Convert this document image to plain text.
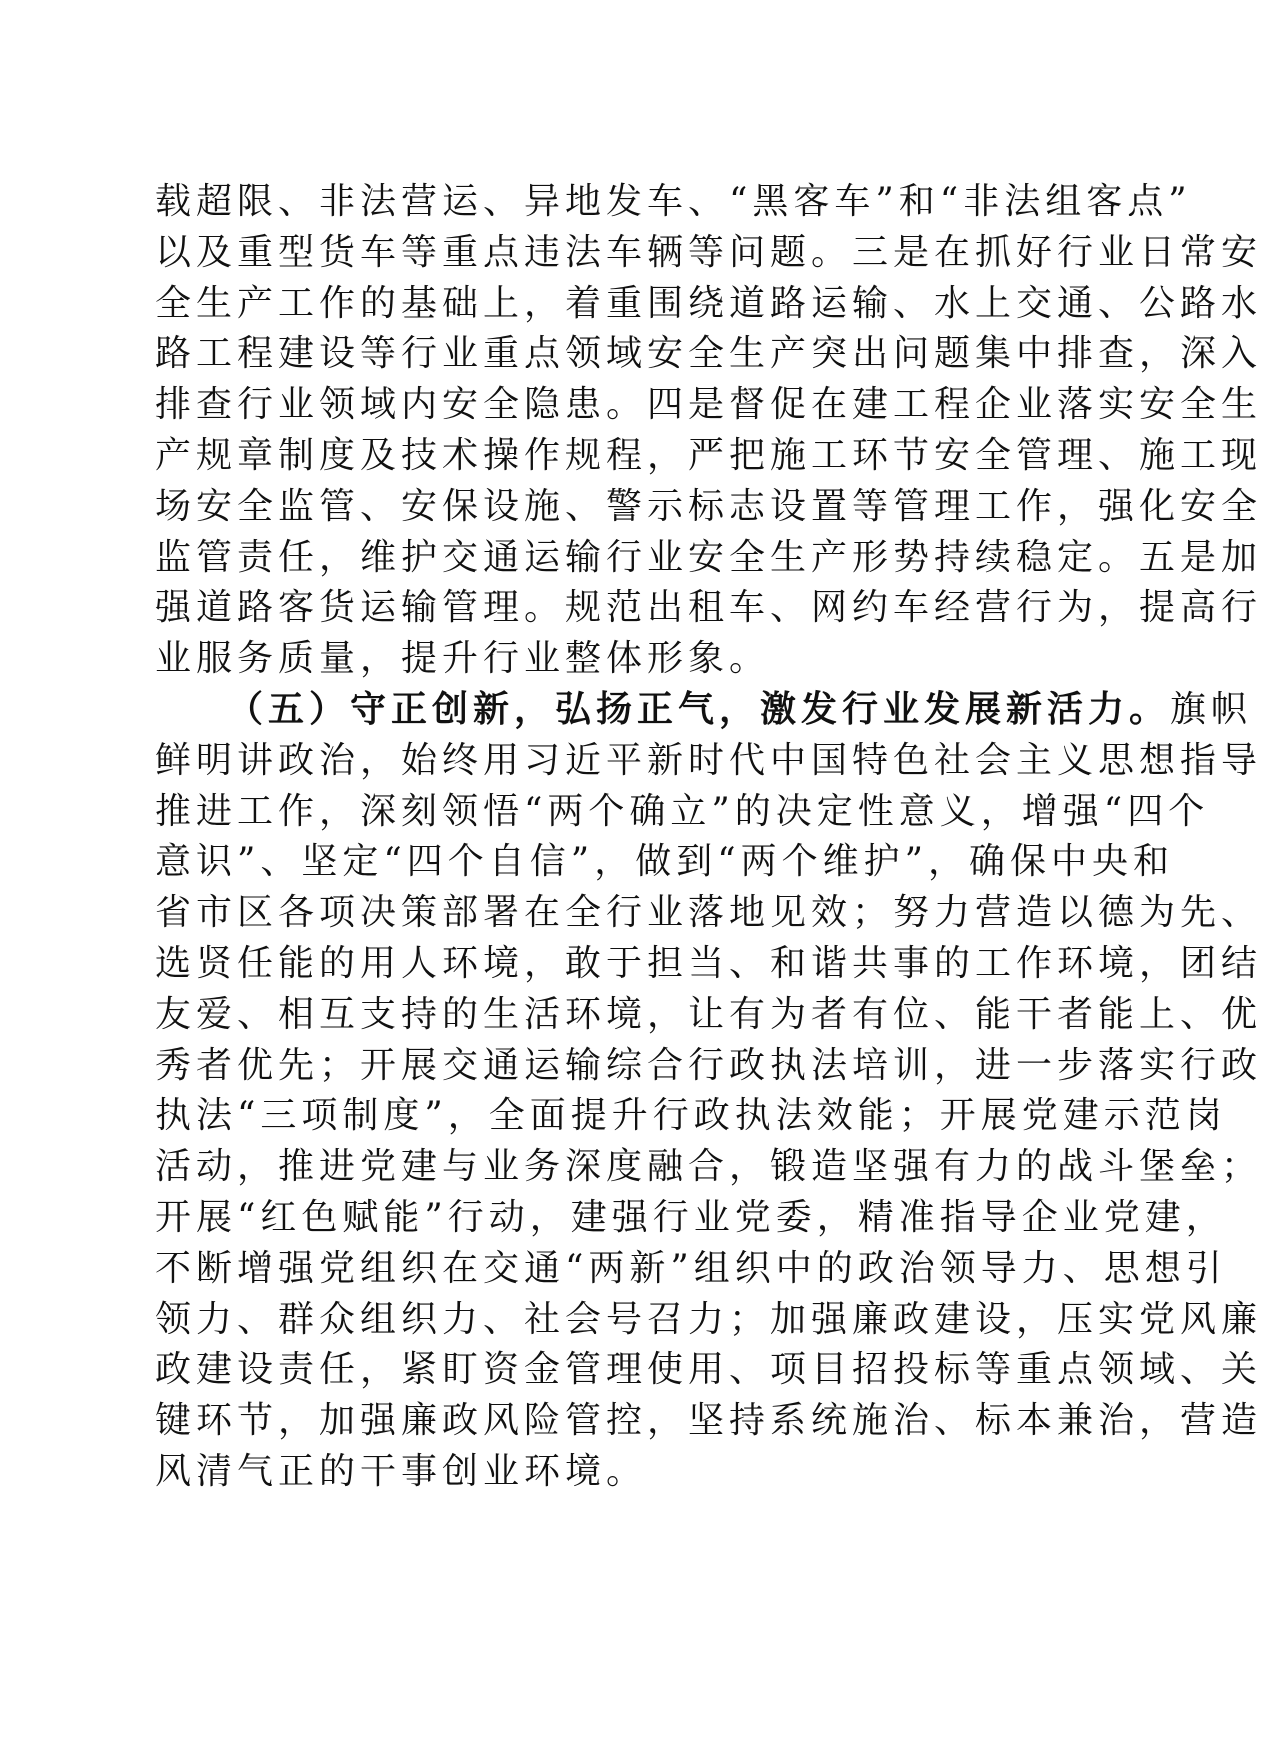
载超限、非法营运、异地发车、“黑客车”和“非法组客点”
以及重型货车等重点违法车辆等问题。三是在抓好行业日常安
全生产工作的基础上，着重围绕道路运输、水上交通、公路水
路工程建设等行业重点领域安全生产突出问题集中排查，深入
排查行业领域内安全隐患。四是督促在建工程企业落实安全生
产规章制度及技术操作规程，严把施工环节安全管理、施工现
场安全监管、安保设施、警示标志设置等管理工作，强化安全
监管责任，维护交通运输行业安全生产形势持续稳定。五是加
强道路客货运输管理。规范出租车、网约车经营行为，提高行
业服务质量，提升行业整体形象。
（五）守正创新，弘扬正气，激发行业发展新活力。旗帜
鲜明讲政治，始终用习近平新时代中国特色社会主义思想指导
推进工作，深刻领悟“两个确立”的决定性意义，增强“四个
意识”、坚定“四个自信”，做到“两个维护”，确保中央和
省市区各项决策部署在全行业落地见效；努力营造以德为先、
选贤任能的用人环境，敢于担当、和谐共事的工作环境，团结
友爱、相互支持的生活环境，让有为者有位、能干者能上、优
秀者优先；开展交通运输综合行政执法培训，进一步落实行政
执法“三项制度”，全面提升行政执法效能；开展党建示范岗
活动，推进党建与业务深度融合，锻造坚强有力的战斗堡垒；
开展“红色赋能”行动，建强行业党委，精准指导企业党建，
不断增强党组织在交通“两新”组织中的政治领导力、思想引
领力、群众组织力、社会号召力；加强廉政建设，压实党风廉
政建设责任，紧盯资金管理使用、项目招投标等重点领域、关
键环节，加强廉政风险管控，坚持系统施治、标本兼治，营造
风清气正的干事创业环境。
